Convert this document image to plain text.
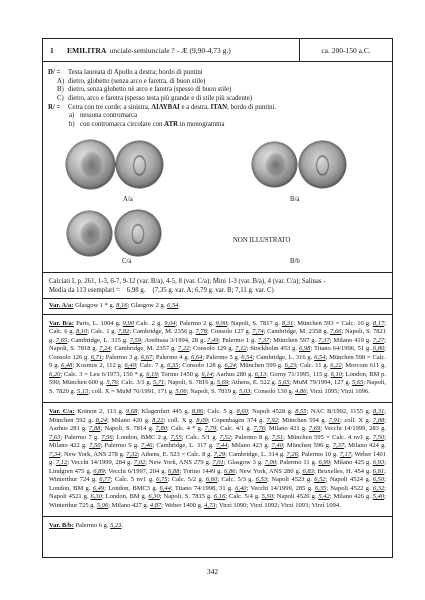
1	EMILITRA unciale-semiunciale ? - Æ (9,90-4,73 g.)	ca. 200-150 a.C.
D/ = Testa laureata di Apollo a destra; bordo di puntini
A) dietro, globetto (senza arco e faretra, di buon stile)
B) dietro, senza globetto nè arco e faretra (spesso di buon stile)
C) dietro, arco e faretra (spesso testa più grande e di stile più scadente)
R/ = Cetra con tre corde; a sinistra, ΛΙΛΥΒΑΙ e a destra, ITAN; bordo di puntini.
a) nessuna contromarca
b) con contromarca circolare con ATR in monogramma
A/a	B/a
NON ILLUSTRATO
C/a	B/b
Calciati I, p. 261, 1-3, 6-7, 9-12 (var. B/a), 4-5, 8 (var. C/a); Mini 1-3 (var. B/a), 4 (var. C/a); Salinas -
Media da 113 esemplari = 6,98 g. (7,35 g. var. A; 6,79 g. var. B; 7,11 g. var. C)
Var. A/a: Glasgow 1 * g. 8,16; Glasgow 2 g. 6,54.
Var. B/a: Paris, L. 1004 g. 9,90 Calc. 2 g. 9,04; Palermo 2 g. 9,00; Napoli, S. 7817 g. 8,31; München 593 = Calc. 10 g. 8,17; Calc. 6 g. 8,10; Calc. 1 g. 7,82; Cambridge, M. 2356 g. 7,78; Consolo 127 g. 7,74; Cambridge, M. 2358 g. 7,66; Napoli, S. 7821 g. 7,65; Cambridge, L. 315 g. 7,59; Arethusa 3/1994, 28 g. 7,49; Palermo 1 g. 7,37; München 597 g. 7,37; Milano 419 g. 7,27; Napoli, S. 7818 g. 7,24; Cambridge, M. 2357 g. 7,22; Consolo 129 g. 7,12; Stockholm 453 g. 6,98; Titano 64/1996, 51 g. 6,80; Consolo 126 g. 6,71; Palermo 3 g. 6,67; Palermo 4 g. 6,64; Palermo 5 g. 6,54; Cambridge, L. 316 g. 6,54; München 598 = Calc. 9 g. 6,48; Kosmos 2, 112 g. 6,40; Calc. 7 g. 6,35; Consolo 128 g. 6,24; München 599 g. 6,23; Calc. 11 g. 6,22; Morcom 611 g. 6,20; Calc. 3 = Leu 6/1973, 150 * g. 6,19; Torino 1450 g. 6,14; Aarhus 280 g. 6,13; Gorny 71/1995, 115 g. 6,10; London, BM p. 590; München 600 g. 5,76; Calc. 3/1 g. 5,71; Napoli, S. 7816 g. 5,69; Athens, E. 522 g. 5,65; MuM 79/1994, 127 g. 5,65; Napoli, S. 7820 g. 5,15; coll. X = MuM 76/1991, 171 g. 5,06; Napoli, S. 7819 g. 5,03; Consolo 130 g. 4,86; Virzì 1095; Virzì 1096.
Var. C/a: Koinon 2, 113 g. 9,68; Klagenfurt 445 g. 8,86; Calc. 5 g. 8,60; Napoli 4528 g. 8,55; NAC B/1992, 1155 g. 8,31; München 592 g. 8,24; Milano 420 g. 8,22; coll. X g. 8,09; Copenhagen 374 g. 7,92; München 594 g. 7,91; coll. X g. 7,88; Aarhus 281 g. 7,88; Napoli, S. 7814 g. 7,80; Calc. 4 * g. 7,79; Calc. 4/1 g. 7,76; Milano 421 g. 7,69; Vecchi 14/1999, 283 g. 7,63; Palermo 7 g. 7,56; London, BMC 2 g. 7,55; Calc. 5/1 g. 7,52; Palermo 8 g. 7,51; München 595 = Calc. 4 nv1 g. 7,50; Milano 422 g. 7,50; Palermo 9 g. 7,46; Cambridge, L. 317 g. 7,44; Milano 423 g. 7,40; München 596 g. 7,37; Milano 424 g. 7,34; New York, ANS 278 g. 7,32; Athens, E. 523 = Calc. 8 g. 7,29; Cambridge, L. 314 g. 7,26; Palermo 10 g. 7,17; Weber 1401 g. 7,12; Vecchi 14/1999, 284 g. 7,02; New York, ANS 279 g. 7,01; Glasgow 3 g. 7,00; Palermo 11 g. 6,99; Milano 425 g. 6,93; Lindgren 475 g. 6,89; Vecchi 6/1997, 204 g. 6,88; Torino 1449 g. 6,86; New York, ANS 280 g. 6,83; Bruxelles, H. 454 g. 6,81; Winterthur 724 g. 6,77; Calc. 5 nv1 g. 6,75; Calc. 5/2 g. 6,60; Calc. 5/3 g. 6,53; Napoli 4523 g. 6,52; Napoli 4524 g. 6,50; London, BM g. 6,49; London, BMC3 g. 6,44; Titano 74/1998, 31 g. 6,40; Vecchi 14/1999, 285 g. 6,35; Napoli 4522 g. 6,32; Napoli 4521 g. 6,30; London, BM g. 6,30; Napoli, S. 7815 g. 6,16; Calc. 5/4 g. 5,50; Napoli 4526 g. 5,42; Milano 426 g. 5,40; Winterthur 725 g. 5,06; Milano 427 g. 4,87; Weber 1400 g. 4,73; Virzì 1090; Virzì 1092; Virzì 1093; Virzì 1094.
Var. B/b: Palermo 6 g. 5,23.
342
